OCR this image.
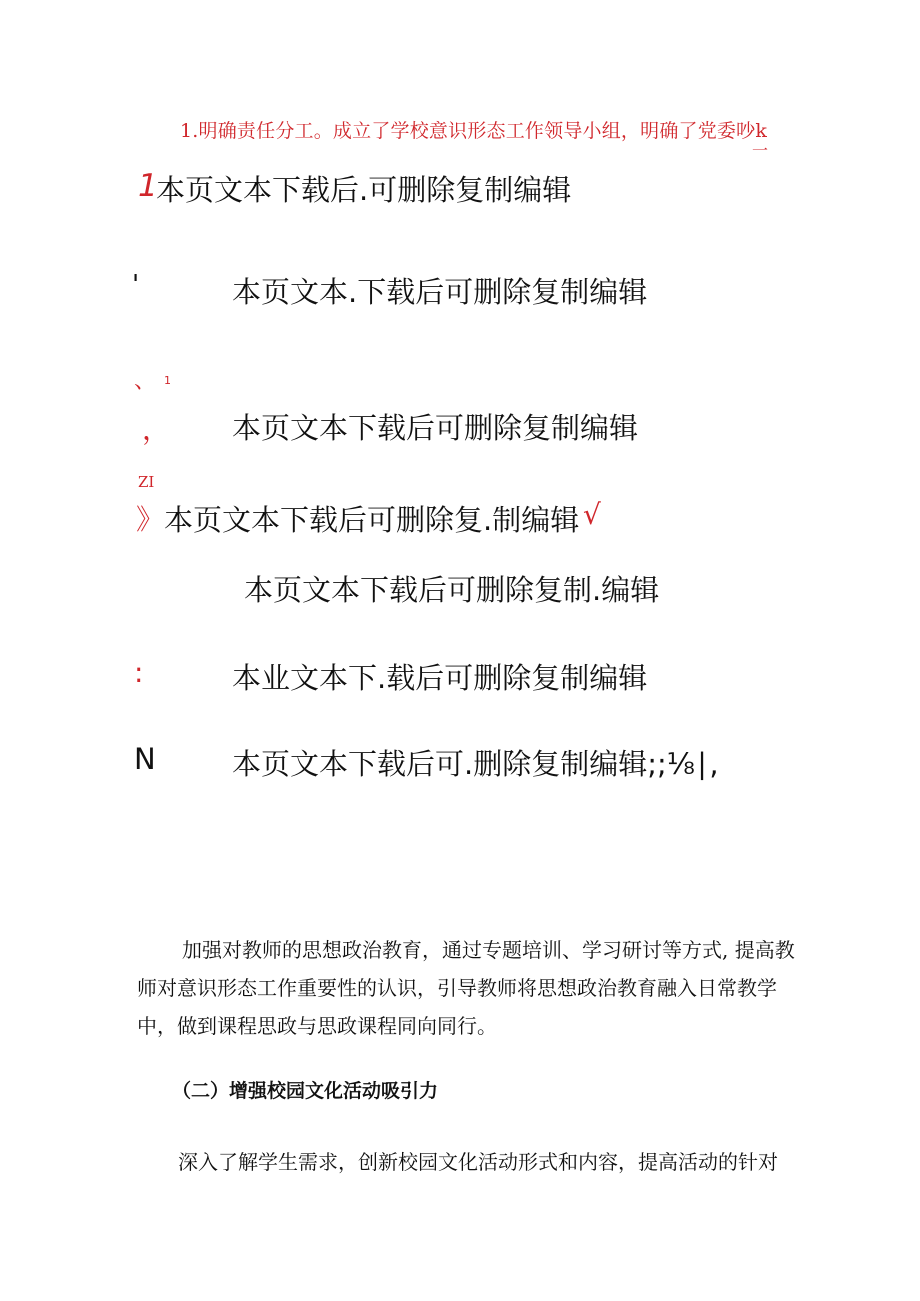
1.明确责任分工。成立了学校意识形态工作领导小组，明确了党委吵k
一
1
本页文本下载后.可删除复制编辑
'	本页文本.下载后可删除复制编辑
、 1
， 本页文本下载后可删除复制编辑
ZI
》 本页文本下载后可删除复.制编辑 √
本页文本下载后可删除复制.编辑
:	本业文本下.载后可删除复制编辑
N	本页文本下载后可.删除复制编辑;;⅛∣,
加强对教师的思想政治教育，通过专题培训、学习研讨等方式, 提高教
师对意识形态工作重要性的认识，引导教师将思想政治教育融入日常教学
中，做到课程思政与思政课程同向同行。
（二）增强校园文化活动吸引力
深入了解学生需求，创新校园文化活动形式和内容，提高活动的针对
